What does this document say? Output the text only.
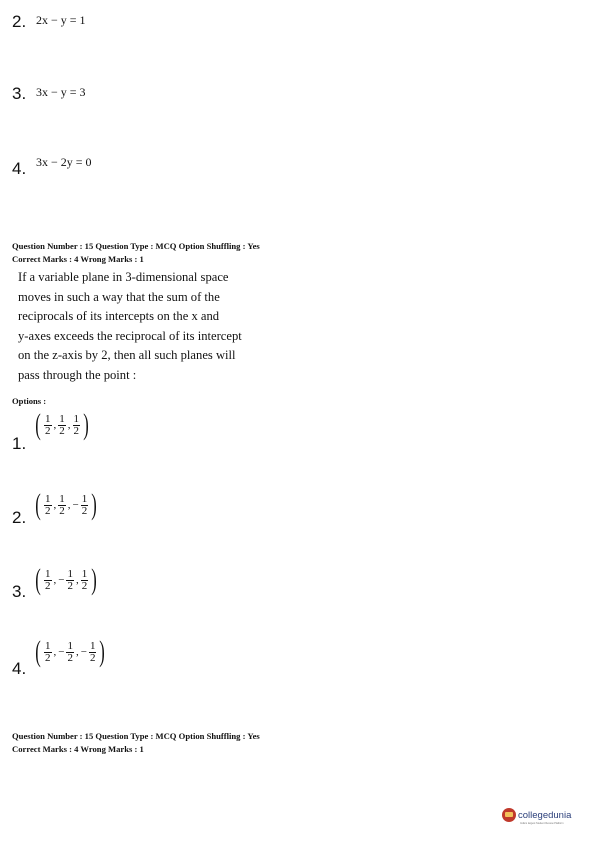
2. 2x − y = 1
3. 3x − y = 3
4. 3x − 2y = 0
Question Number : 15 Question Type : MCQ Option Shuffling : Yes
Correct Marks : 4 Wrong Marks : 1
If a variable plane in 3-dimensional space
moves in such a way that the sum of the
reciprocals of its intercepts on the x and
y-axes exceeds the reciprocal of its intercept
on the z-axis by 2, then all such planes will
pass through the point :
Options :
1.
( $\frac{1}{2}$ , $\frac{1}{2}$ , $\frac{1}{2}$ )
2. ( $\frac{1}{2}$ , $\frac{1}{2}$ , − $\frac{1}{2}$ )
3. ( $\frac{1}{2}$ , − $\frac{1}{2}$ , $\frac{1}{2}$ )
4.
( $\frac{1}{2}$ , − $\frac{1}{2}$ , − $\frac{1}{2}$ )
Question Number : 15 Question Type : MCQ Option Shuffling : Yes
Correct Marks : 4 Wrong Marks : 1
collegedunia
India's largest Student Review Platform
